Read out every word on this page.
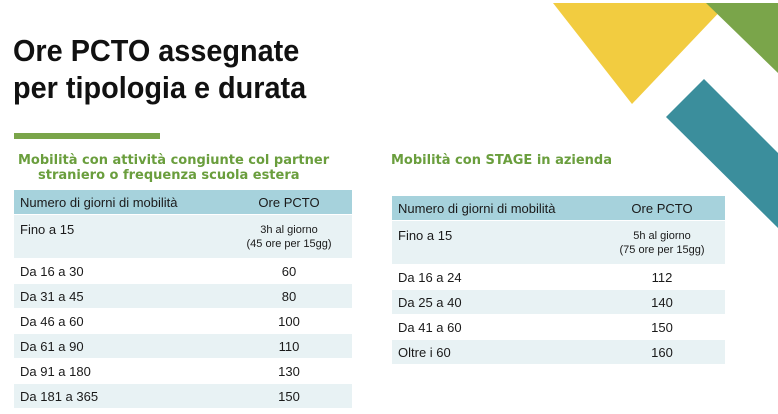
Ore PCTO assegnate
per tipologia e durata
Mobilità con attività congiunte col partner
straniero o frequenza scuola estera
Numero di giorni di mobilità	Ore PCTO
Fino a 15	3h al giorno
(45 ore per 15gg)
Da 16 a 30	60
Da 31 a 45	80
Da 46 a 60	100
Da 61 a 90	110
Da 91 a 180	130
Da 181 a 365	150
Mobilità con STAGE in azienda
Numero di giorni di mobilità	Ore PCTO
Fino a 15	5h al giorno
(75 ore per 15gg)
Da 16 a 24	112
Da 25 a 40	140
Da 41 a 60	150
Oltre i 60	160
